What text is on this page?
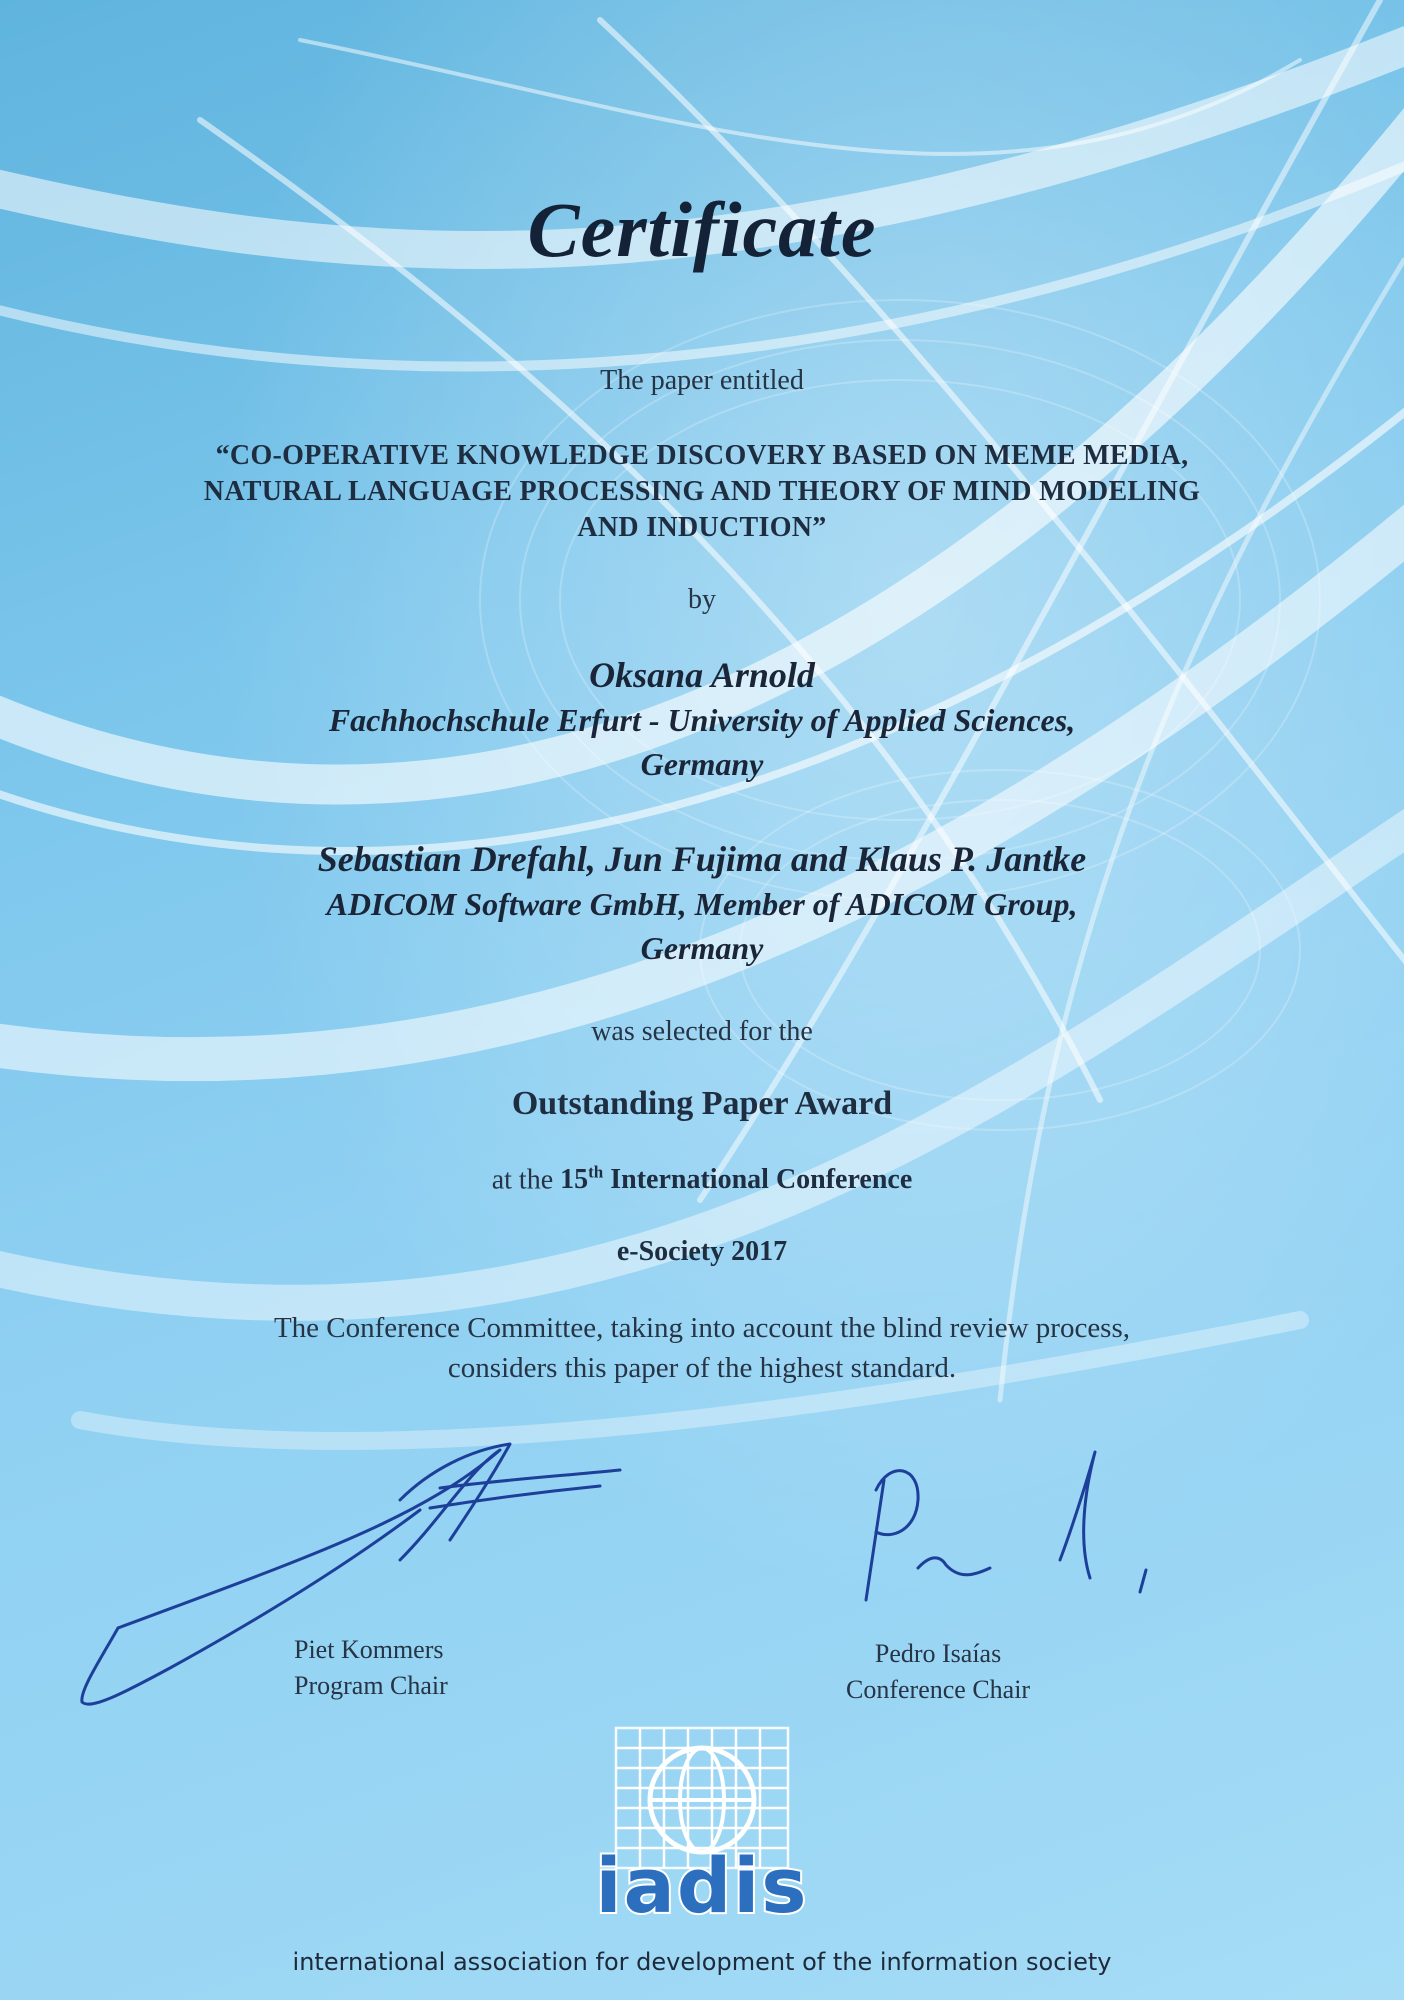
Certificate
The paper entitled
“CO-OPERATIVE KNOWLEDGE DISCOVERY BASED ON MEME MEDIA, NATURAL LANGUAGE PROCESSING AND THEORY OF MIND MODELING AND INDUCTION”
by
Oksana Arnold
Fachhochschule Erfurt - University of Applied Sciences,
Germany
Sebastian Drefahl, Jun Fujima and Klaus P. Jantke
ADICOM Software GmbH, Member of ADICOM Group,
Germany
was selected for the
Outstanding Paper Award
at the 15th International Conference
e-Society 2017
The Conference Committee, taking into account the blind review process,
considers this paper of the highest standard.
Piet Kommers
Program Chair
Pedro Isaías
Conference Chair
iadis
international association for development of the information society
